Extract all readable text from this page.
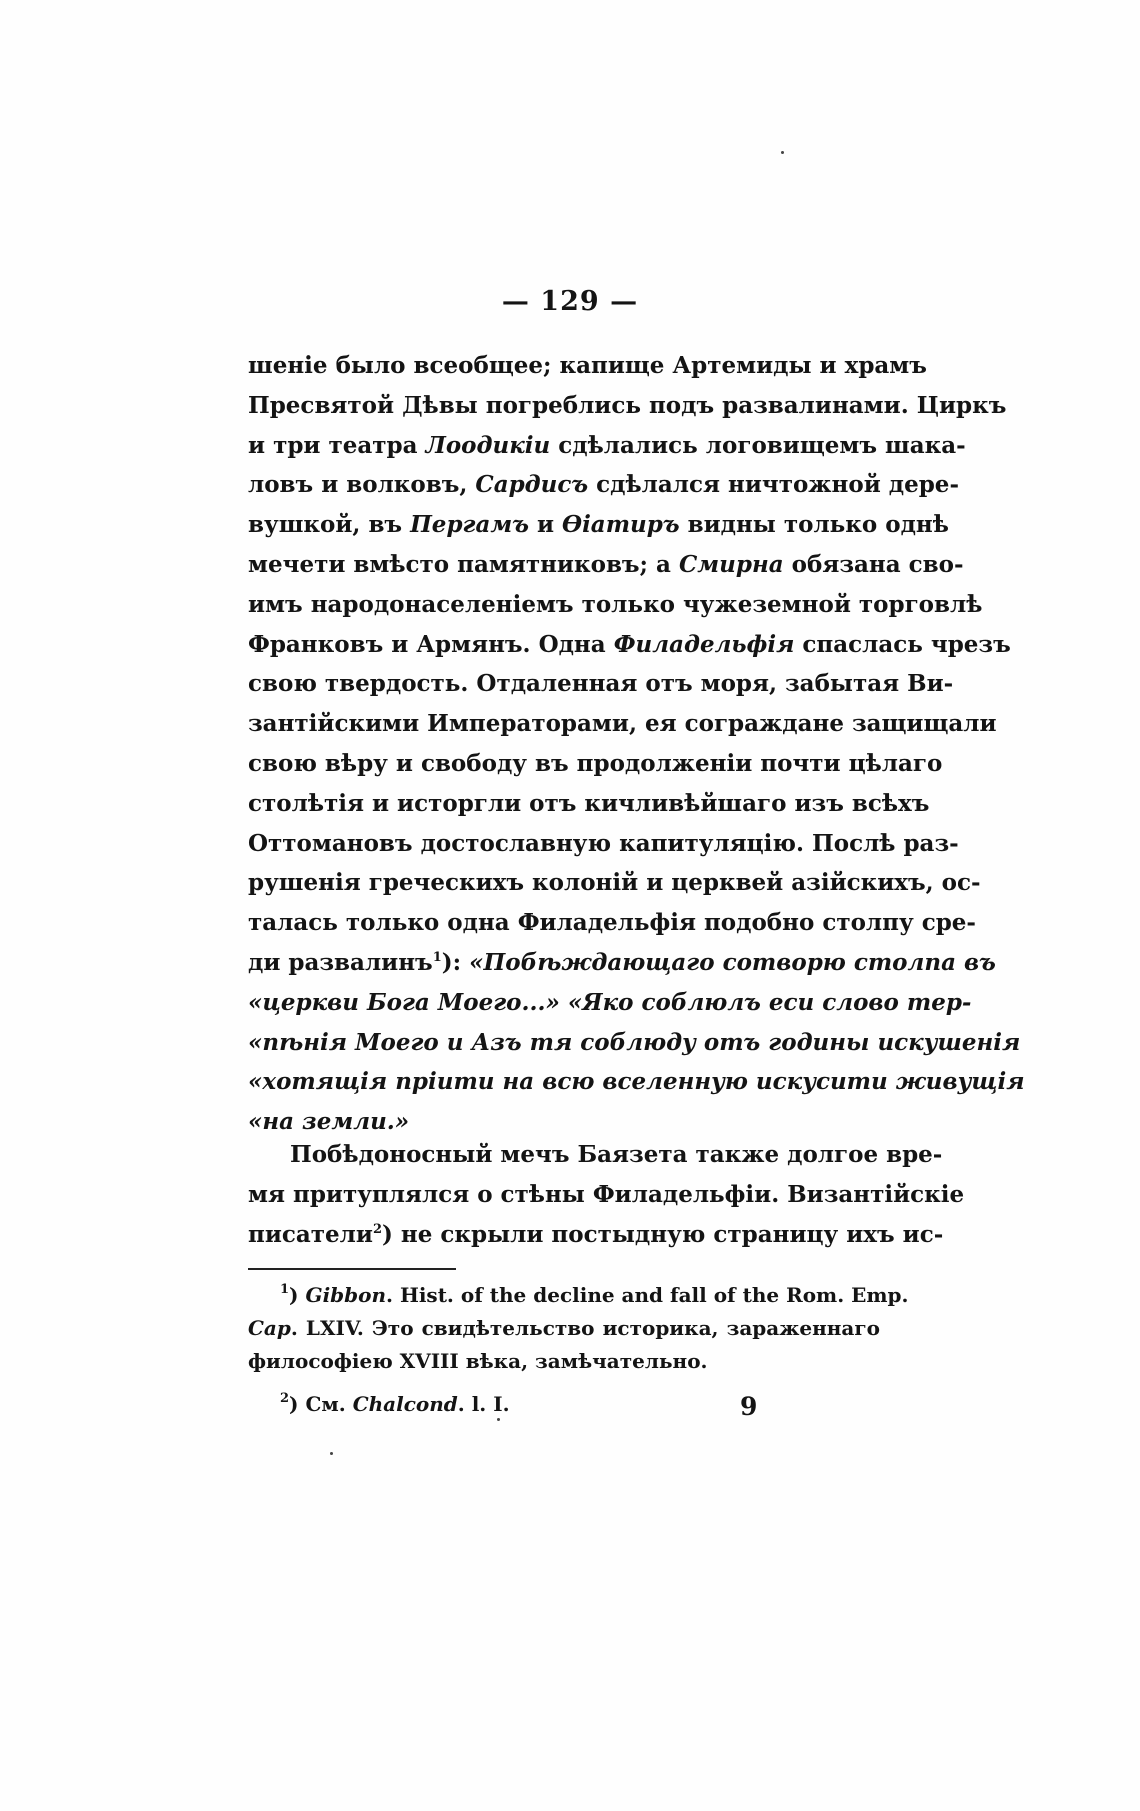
— 129 —
шеніе было всеобщее; капище Артемиды и храмъ
Пресвятой Дѣвы погреблись подъ развалинами. Циркъ
и три театра Лоодикіи сдѣлались логовищемъ шака-
ловъ и волковъ, Сардисъ сдѣлался ничтожной дере-
вушкой, въ Пергамъ и Ѳіатиръ видны только однѣ
мечети вмѣсто памятниковъ; а Смирна обязана сво-
имъ народонаселеніемъ только чужеземной торговлѣ
Франковъ и Армянъ. Одна Филадельфія спаслась чрезъ
свою твердость. Отдаленная отъ моря, забытая Ви-
зантійскими Императорами, ея сограждане защищали
свою вѣру и свободу въ продолженіи почти цѣлаго
столѣтія и исторгли отъ кичливѣйшаго изъ всѣхъ
Оттомановъ достославную капитуляцію. Послѣ раз-
рушенія греческихъ колоній и церквей азійскихъ, ос-
талась только одна Филадельфія подобно столпу сре-
ди развалинъ$^1$): «Побѣждающаго сотворю столпа въ
«церкви Бога Моего...» «Яко соблюлъ еси слово тер-
«пѣнія Моего и Азъ тя соблюду отъ годины искушенія
«хотящія пріити на всю вселенную искусити живущія
«на земли.»
Побѣдоносный мечъ Баязета также долгое вре-
мя притуплялся о стѣны Филадельфіи. Византійскіе
писатели$^2$) не скрыли постыдную страницу ихъ ис-
$^1$) Gibbon. Hist. of the decline and fall of the Rom. Emp.
Cap. LXIV. Это свидѣтельство историка, зараженнаго
философіею XVIII вѣка, замѣчательно.
$^2$) См. Chalcond. l. I.	9
